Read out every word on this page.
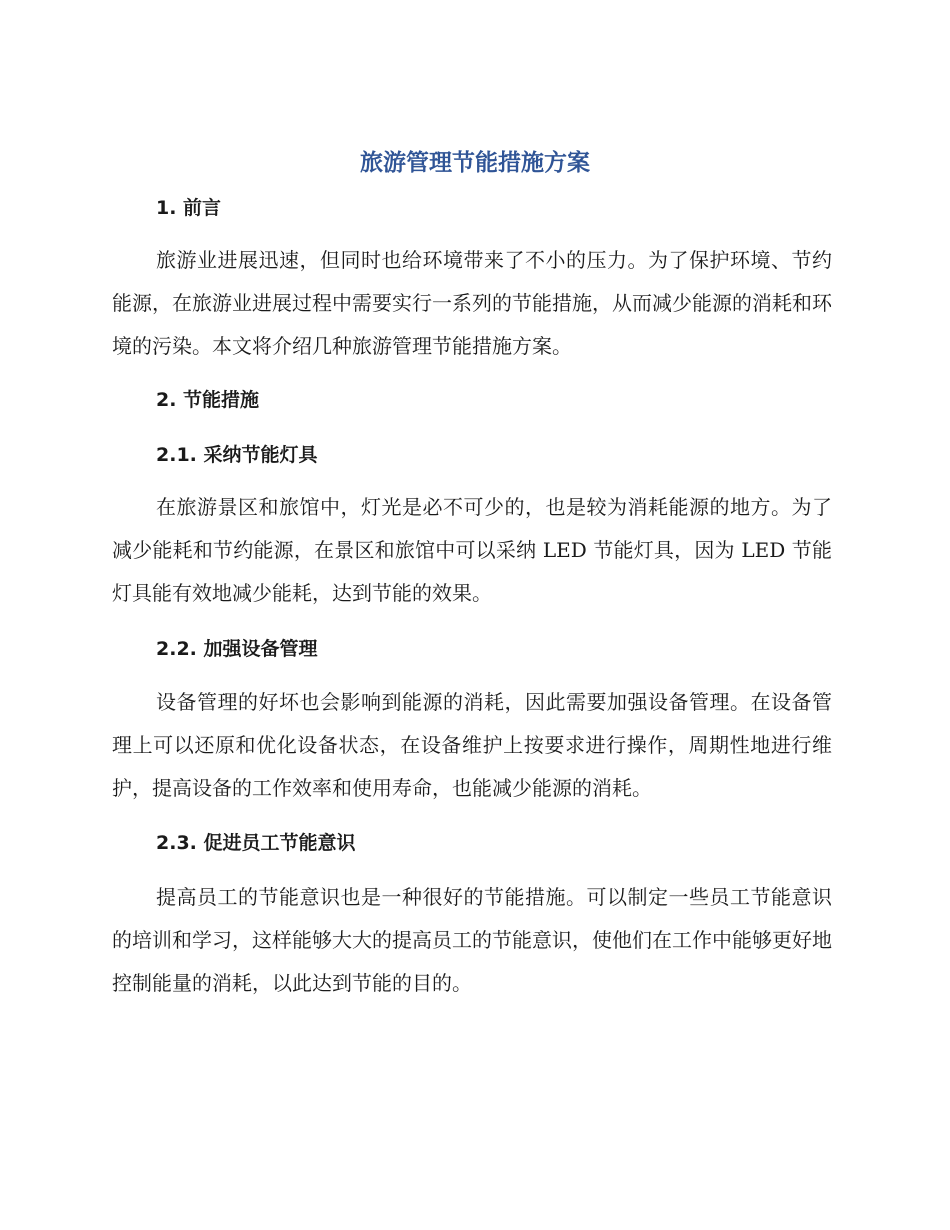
旅游管理节能措施方案
1. 前言

旅游业进展迅速，但同时也给环境带来了不小的压力。为了保护环境、节约能源，在旅游业进展过程中需要实行一系列的节能措施，从而减少能源的消耗和环境的污染。本文将介绍几种旅游管理节能措施方案。

2. 节能措施
2.1. 采纳节能灯具

在旅游景区和旅馆中，灯光是必不可少的，也是较为消耗能源的地方。为了减少能耗和节约能源，在景区和旅馆中可以采纳 LED 节能灯具，因为 LED 节能灯具能有效地减少能耗，达到节能的效果。

2.2. 加强设备管理

设备管理的好坏也会影响到能源的消耗，因此需要加强设备管理。在设备管理上可以还原和优化设备状态，在设备维护上按要求进行操作，周期性地进行维护，提高设备的工作效率和使用寿命，也能减少能源的消耗。

2.3. 促进员工节能意识

提高员工的节能意识也是一种很好的节能措施。可以制定一些员工节能意识的培训和学习，这样能够大大的提高员工的节能意识，使他们在工作中能够更好地控制能量的消耗，以此达到节能的目的。
